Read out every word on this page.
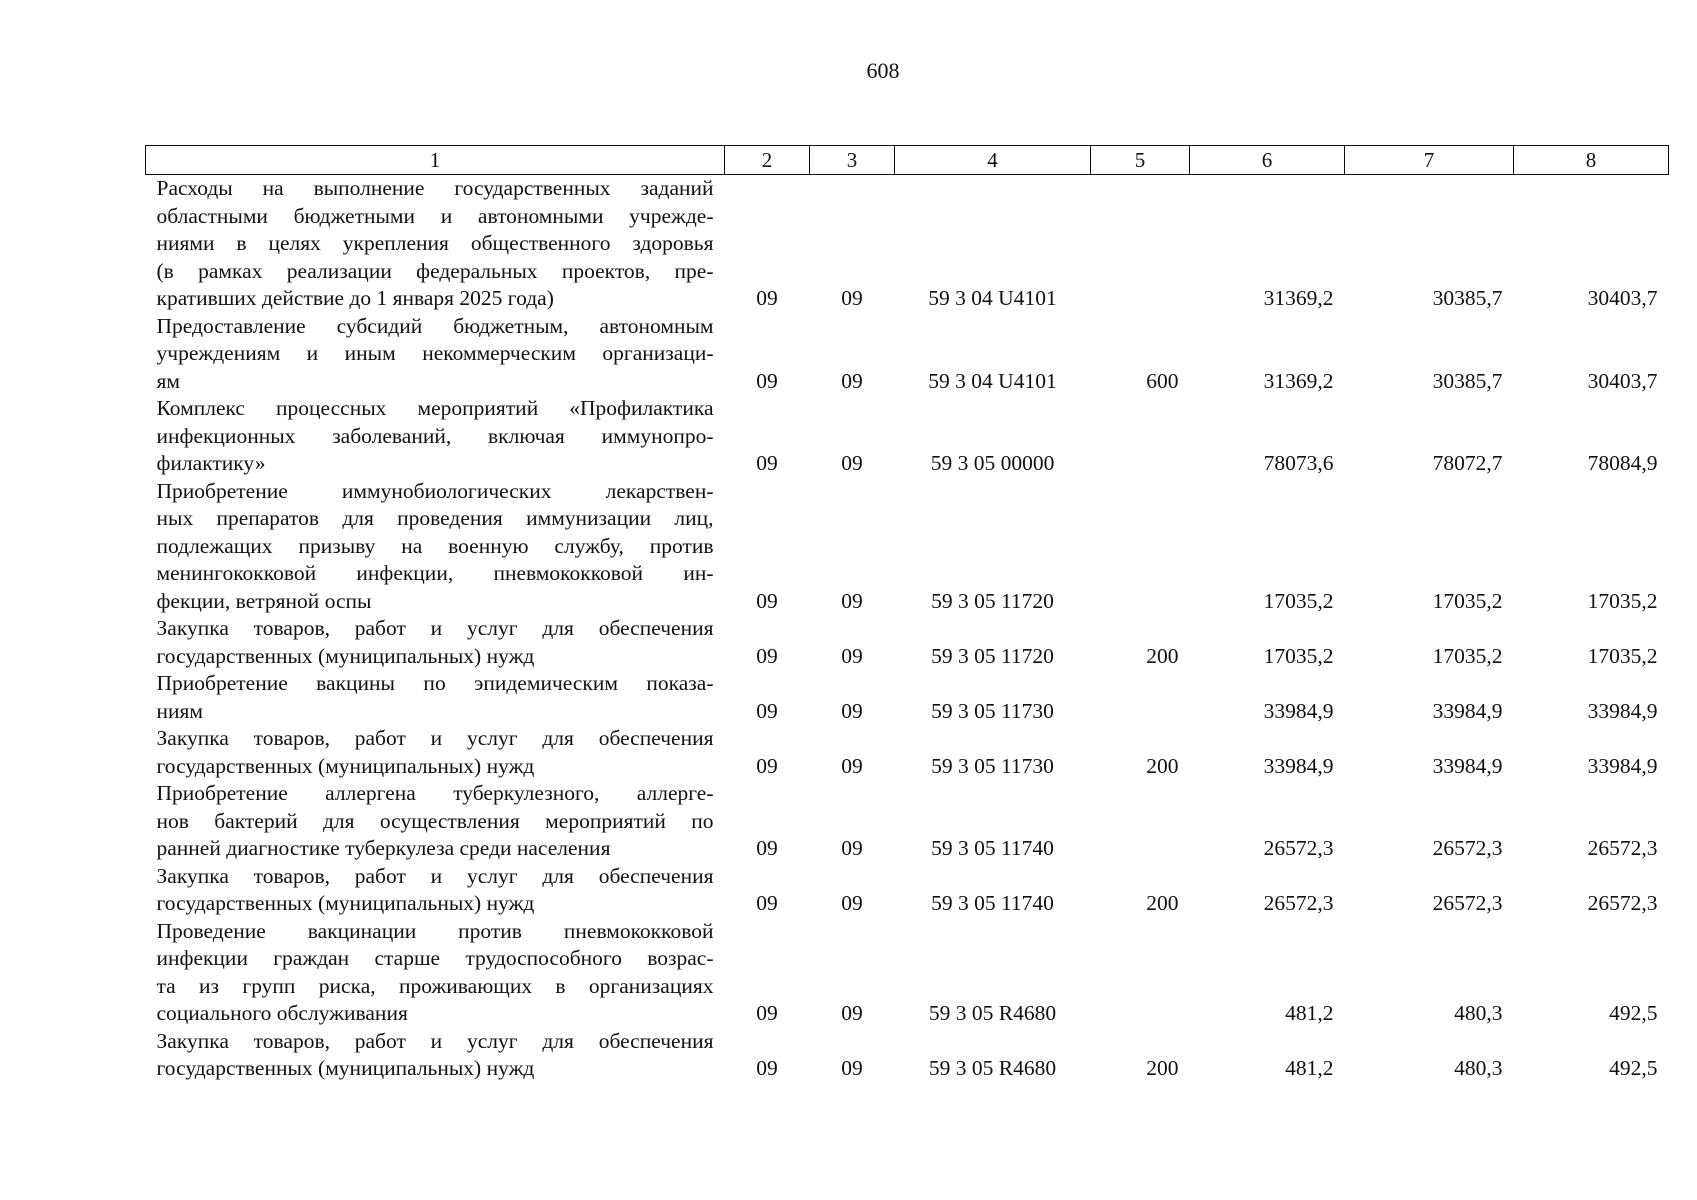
608
1	2	3	4	5	6	7	8

Расходы на выполнение государственных заданий
областными бюджетными и автономными учрежде-
ниями в целях укрепления общественного здоровья
(в рамках реализации федеральных проектов, пре-
кративших действие до 1 января 2025 года)	09	09	59 3 04 U4101		31369,2	30385,7	30403,7

Предоставление субсидий бюджетным, автономным
учреждениям и иным некоммерческим организаци-
ям	09	09	59 3 04 U4101	600	31369,2	30385,7	30403,7

Комплекс процессных мероприятий «Профилактика
инфекционных заболеваний, включая иммунопро-
филактику»	09	09	59 3 05 00000		78073,6	78072,7	78084,9

Приобретение иммунобиологических лекарствен-
ных препаратов для проведения иммунизации лиц,
подлежащих призыву на военную службу, против
менингококковой инфекции, пневмококковой ин-
фекции, ветряной оспы	09	09	59 3 05 11720		17035,2	17035,2	17035,2

Закупка товаров, работ и услуг для обеспечения
государственных (муниципальных) нужд	09	09	59 3 05 11720	200	17035,2	17035,2	17035,2

Приобретение вакцины по эпидемическим показа-
ниям	09	09	59 3 05 11730		33984,9	33984,9	33984,9

Закупка товаров, работ и услуг для обеспечения
государственных (муниципальных) нужд	09	09	59 3 05 11730	200	33984,9	33984,9	33984,9

Приобретение аллергена туберкулезного, аллерге-
нов бактерий для осуществления мероприятий по
ранней диагностике туберкулеза среди населения	09	09	59 3 05 11740		26572,3	26572,3	26572,3

Закупка товаров, работ и услуг для обеспечения
государственных (муниципальных) нужд	09	09	59 3 05 11740	200	26572,3	26572,3	26572,3

Проведение вакцинации против пневмококковой
инфекции граждан старше трудоспособного возрас-
та из групп риска, проживающих в организациях
социального обслуживания	09	09	59 3 05 R4680		481,2	480,3	492,5

Закупка товаров, работ и услуг для обеспечения
государственных (муниципальных) нужд	09	09	59 3 05 R4680	200	481,2	480,3	492,5
